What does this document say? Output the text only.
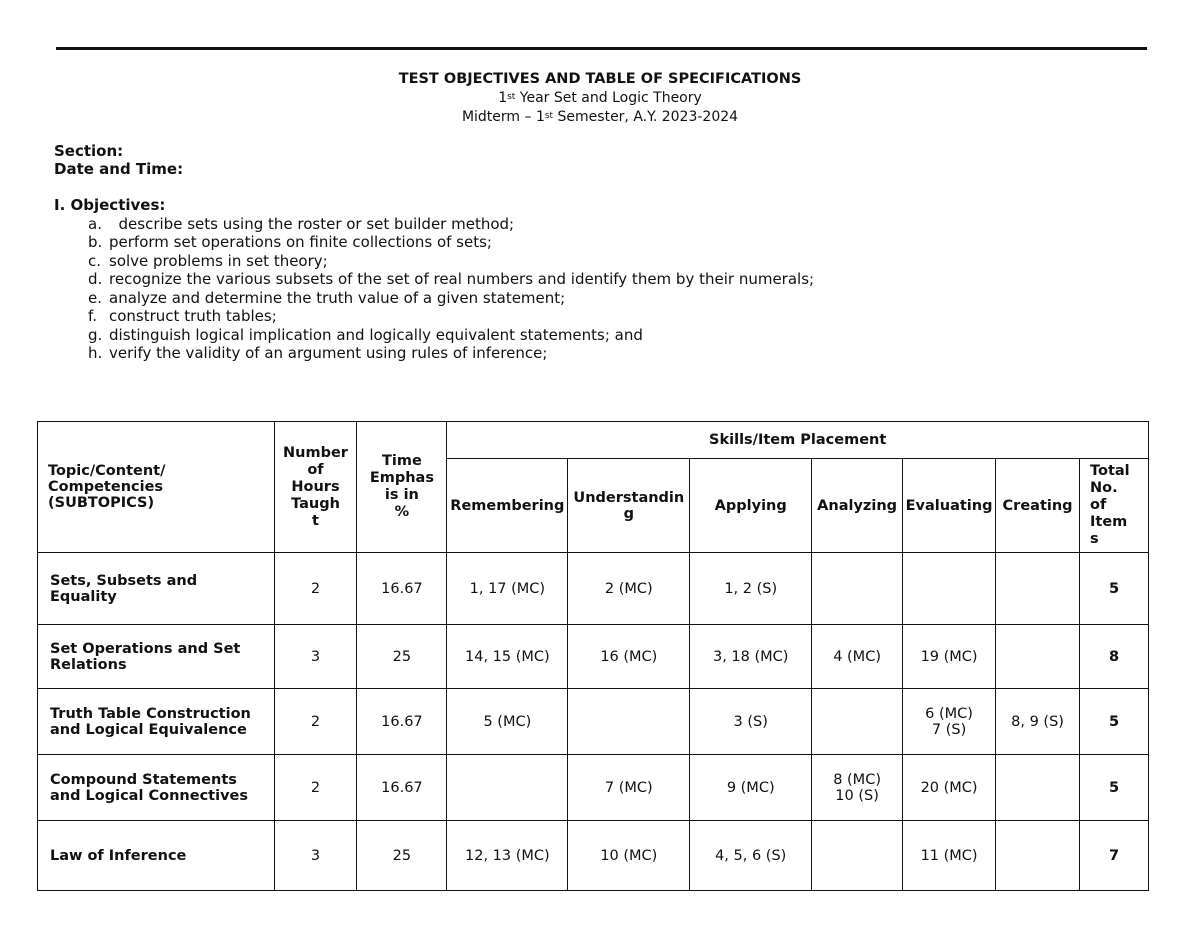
TEST OBJECTIVES AND TABLE OF SPECIFICATIONS
1st Year Set and Logic Theory
Midterm – 1st Semester, A.Y. 2023-2024
Section:
Date and Time:
I. Objectives:
a. describe sets using the roster or set builder method;
b. perform set operations on finite collections of sets;
c. solve problems in set theory;
d. recognize the various subsets of the set of real numbers and identify them by their numerals;
e. analyze and determine the truth value of a given statement;
f. construct truth tables;
g. distinguish logical implication and logically equivalent statements; and
h. verify the validity of an argument using rules of inference;
Topic/Content/
Competencies
(SUBTOPICS)	Number
of
Hours
Taugh
t	Time
Emphas
is in
%	Skills/Item Placement						
			Remembering	Understandin
g	Applying	Analyzing	Evaluating	Creating	Total
No.
of
Item
s
Sets, Subsets and
Equality	2	16.67	1, 17 (MC)	2 (MC)	1, 2 (S)				5
Set Operations and Set
Relations	3	25	14, 15 (MC)	16 (MC)	3, 18 (MC)	4 (MC)	19 (MC)		8
Truth Table Construction
and Logical Equivalence	2	16.67	5 (MC)		3 (S)		6 (MC)
7 (S)	8, 9 (S)	5
Compound Statements
and Logical Connectives	2	16.67		7 (MC)	9 (MC)	8 (MC)
10 (S)	20 (MC)		5
Law of Inference	3	25	12, 13 (MC)	10 (MC)	4, 5, 6 (S)		11 (MC)		7
